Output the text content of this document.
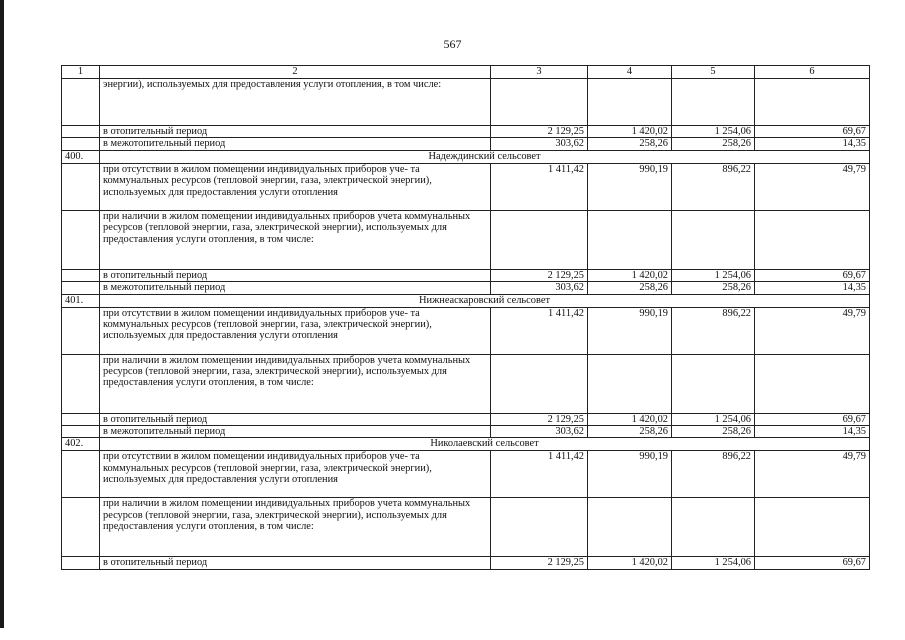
567
1	2	3	4	5	6
	энергии), используемых для предоставления услуги отопления, в том числе:				
	в отопительный период	2 129,25	1 420,02	1 254,06	69,67
	в межотопительный период	303,62	258,26	258,26	14,35
400.	Надеждинский сельсовет				
	при отсутствии в жилом помещении индивидуальных приборов уче- та коммунальных ресурсов (тепловой энергии, газа, электрической энергии), используемых для предоставления услуги отопления	1 411,42	990,19	896,22	49,79
	при наличии в жилом помещении индивидуальных приборов учета коммунальных ресурсов (тепловой энергии, газа, электрической энергии), используемых для предоставления услуги отопления, в том числе:				
	в отопительный период	2 129,25	1 420,02	1 254,06	69,67
	в межотопительный период	303,62	258,26	258,26	14,35
401.	Нижнеаскаровский сельсовет				
	при отсутствии в жилом помещении индивидуальных приборов уче- та коммунальных ресурсов (тепловой энергии, газа, электрической энергии), используемых для предоставления услуги отопления	1 411,42	990,19	896,22	49,79
	при наличии в жилом помещении индивидуальных приборов учета коммунальных ресурсов (тепловой энергии, газа, электрической энергии), используемых для предоставления услуги отопления, в том числе:				
	в отопительный период	2 129,25	1 420,02	1 254,06	69,67
	в межотопительный период	303,62	258,26	258,26	14,35
402.	Николаевский сельсовет				
	при отсутствии в жилом помещении индивидуальных приборов уче- та коммунальных ресурсов (тепловой энергии, газа, электрической энергии), используемых для предоставления услуги отопления	1 411,42	990,19	896,22	49,79
	при наличии в жилом помещении индивидуальных приборов учета коммунальных ресурсов (тепловой энергии, газа, электрической энергии), используемых для предоставления услуги отопления, в том числе:				
	в отопительный период	2 129,25	1 420,02	1 254,06	69,67
